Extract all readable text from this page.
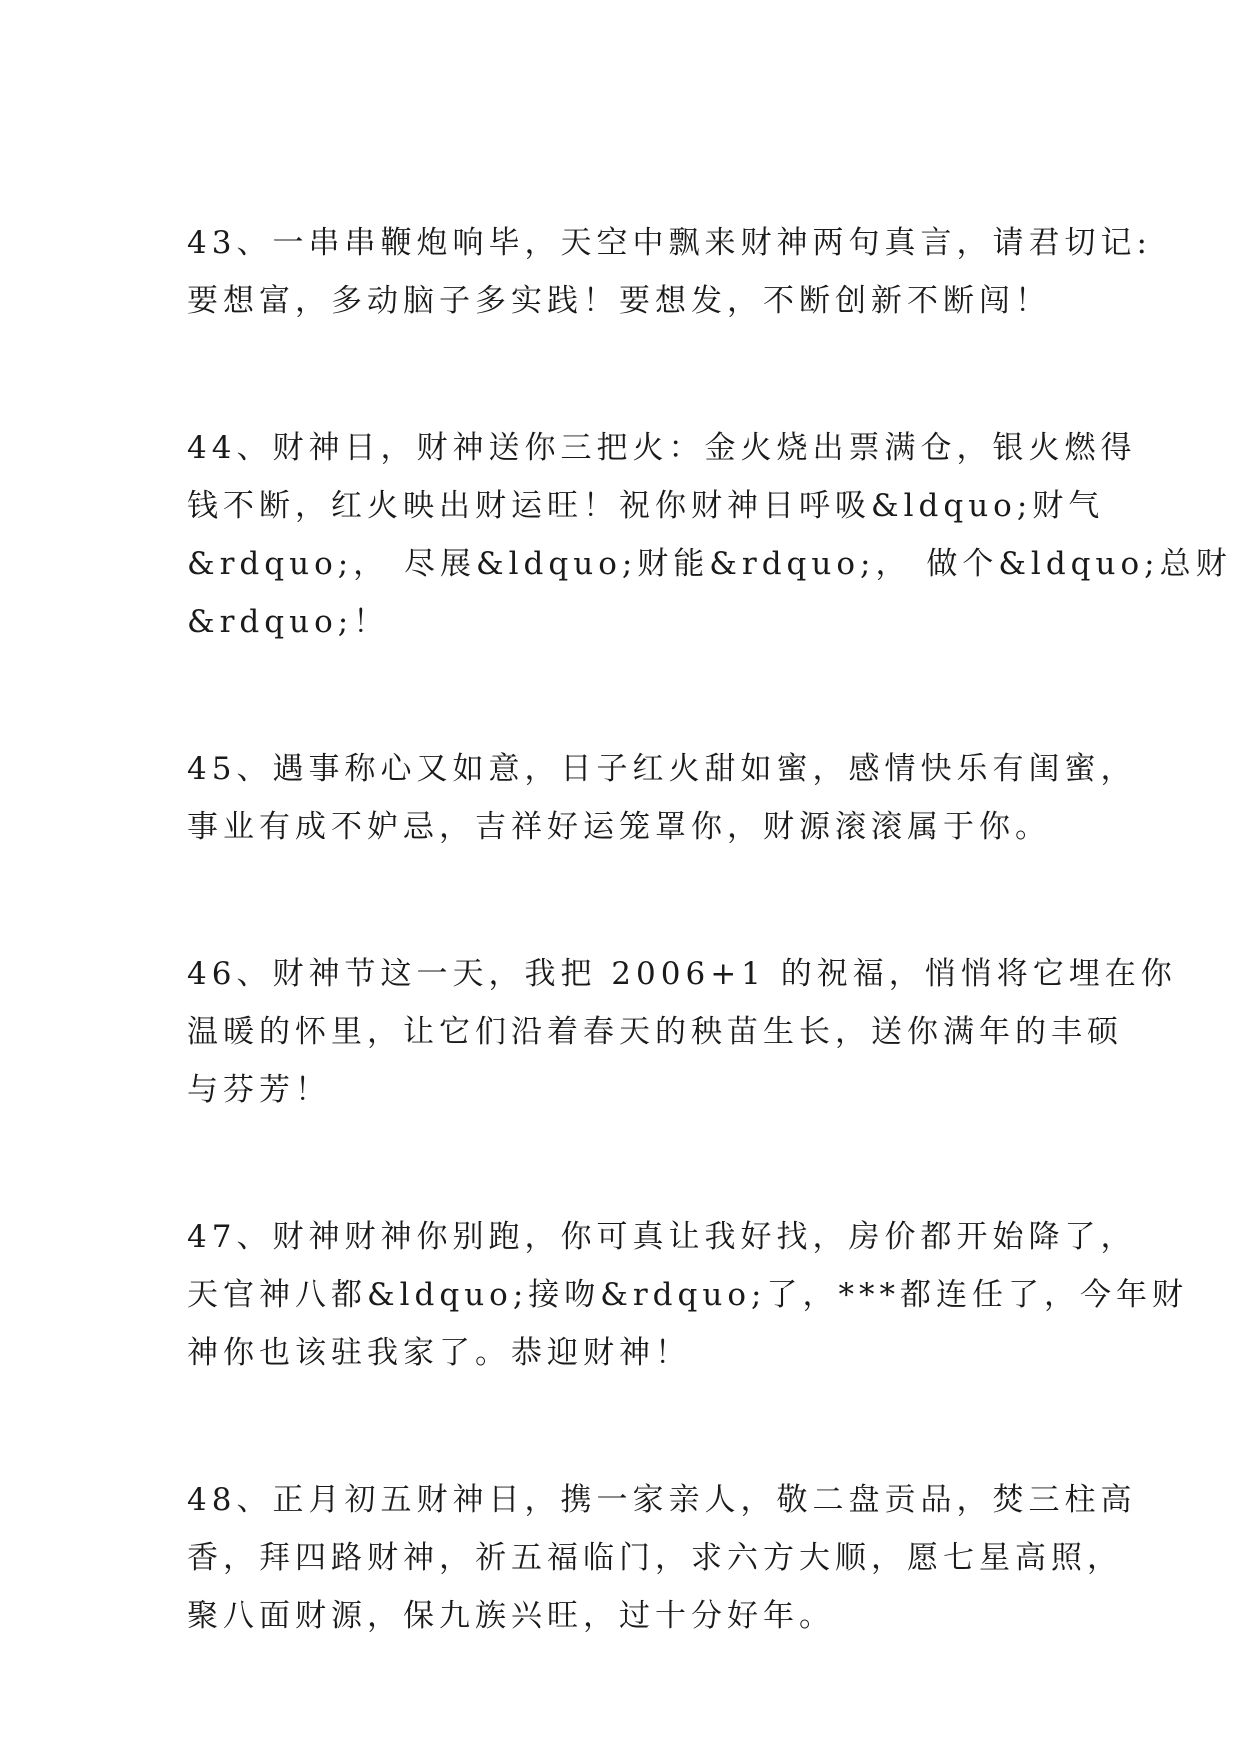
43、一串串鞭炮响毕，天空中飘来财神两句真言，请君切记:
要想富，多动脑子多实践！要想发，不断创新不断闯！

44、财神日，财神送你三把火：金火烧出票满仓，银火燃得
钱不断，红火映出财运旺！祝你财神日呼吸&ldquo;财气
&rdquo;， 尽展&ldquo;财能&rdquo;， 做个&ldquo;总财
&rdquo;！

45、遇事称心又如意，日子红火甜如蜜，感情快乐有闺蜜，
事业有成不妒忌，吉祥好运笼罩你，财源滚滚属于你。

46、财神节这一天，我把 2006+1 的祝福，悄悄将它埋在你
温暖的怀里，让它们沿着春天的秧苗生长，送你满年的丰硕
与芬芳！

47、财神财神你别跑，你可真让我好找，房价都开始降了，
天官神八都&ldquo;接吻&rdquo;了，***都连任了，今年财
神你也该驻我家了。恭迎财神！

48、正月初五财神日，携一家亲人，敬二盘贡品，焚三柱高
香，拜四路财神，祈五福临门，求六方大顺，愿七星高照，
聚八面财源，保九族兴旺，过十分好年。
